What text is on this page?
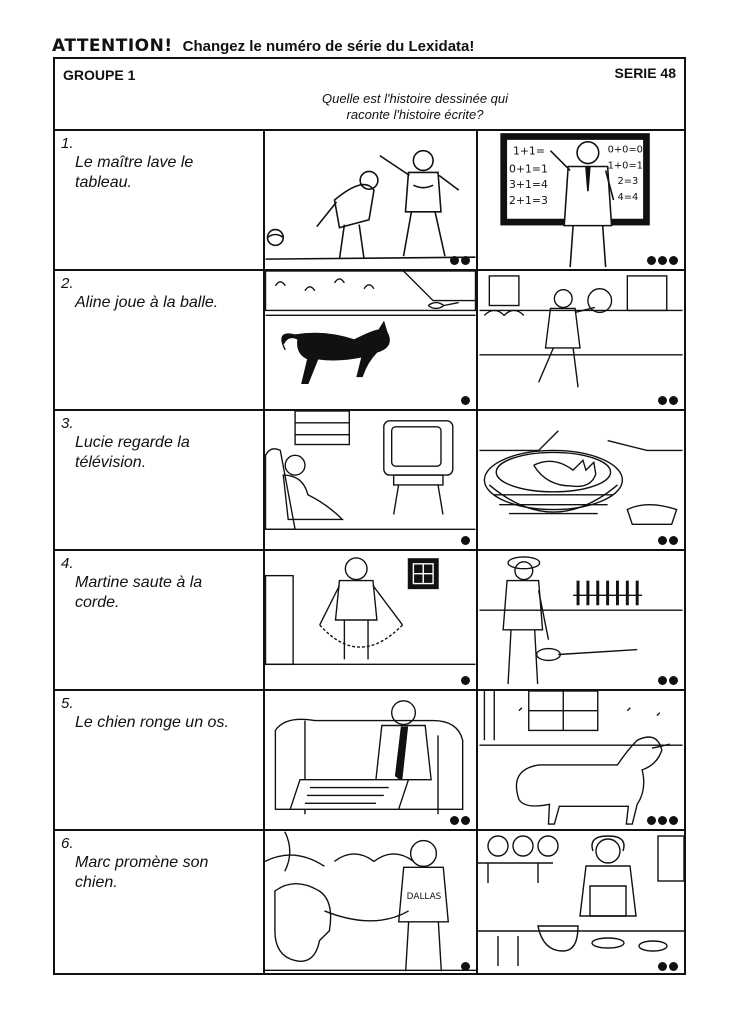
ATTENTION! Changez le numéro de série du Lexidata!
GROUPE 1	SERIE 48
Quelle est l'histoire dessinée qui
raconte l'histoire écrite?
1.
Le maître lave le tableau.
1+1=
0+1=1
3+1=4
2+1=3
0+0=0
1+0=1
2=3
4=4
2.
Aline joue à la balle.
3.
Lucie regarde la télévision.
4.
Martine saute à la corde.
5.
Le chien ronge un os.
6.
Marc promène son chien.
DALLAS
